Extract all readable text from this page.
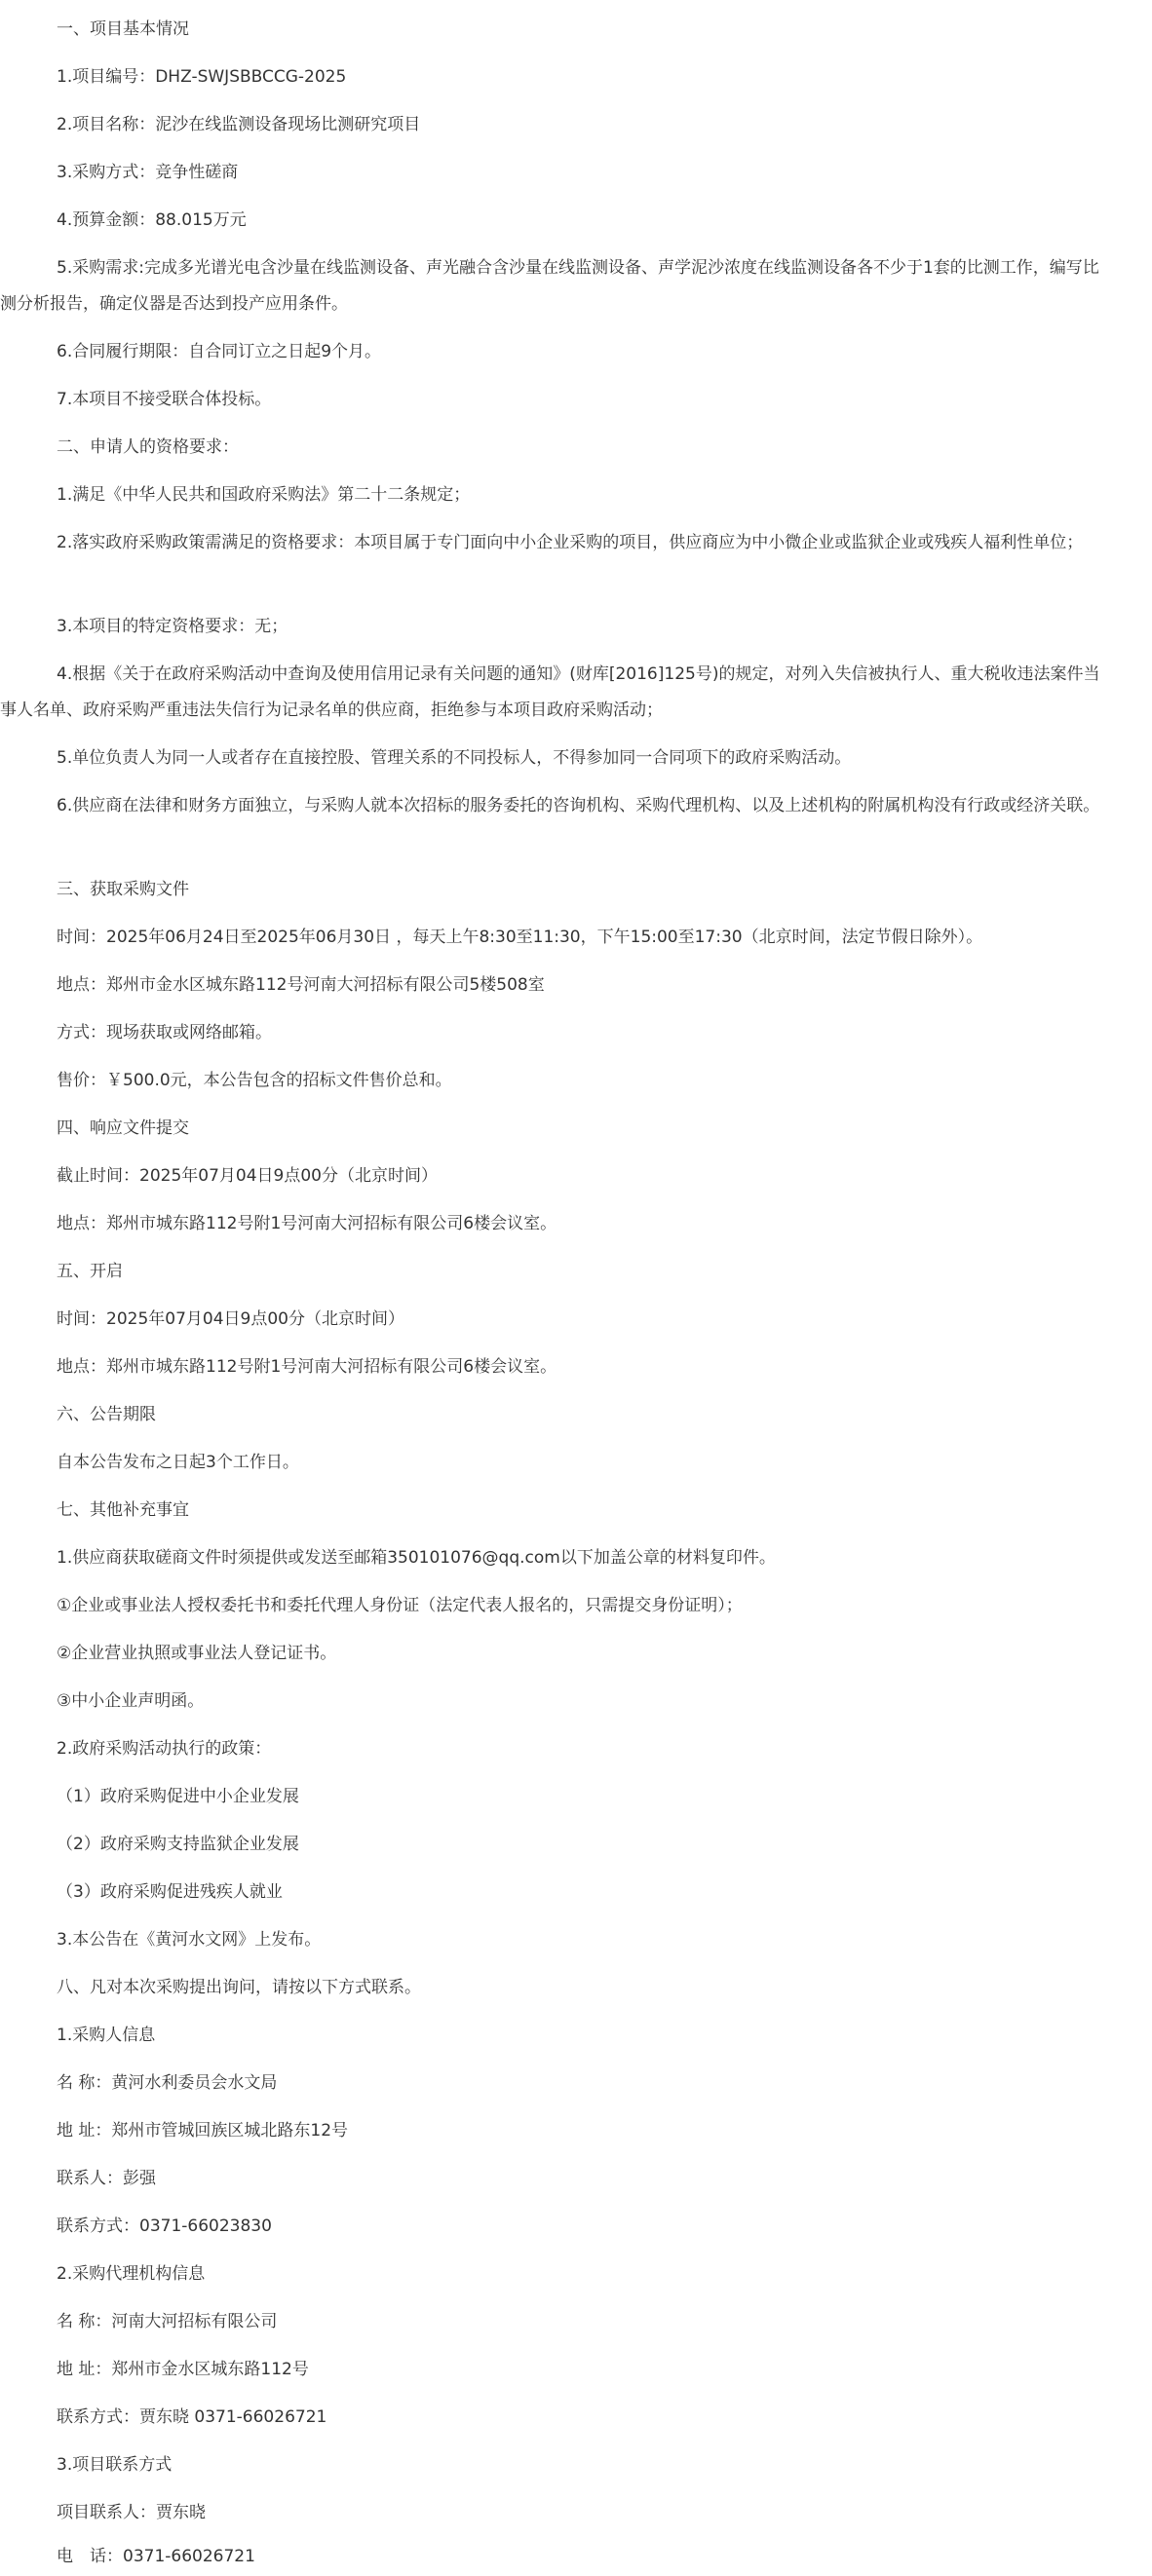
一、项目基本情况

1.项目编号：DHZ-SWJSBBCCG-2025

2.项目名称：泥沙在线监测设备现场比测研究项目

3.采购方式：竞争性磋商

4.预算金额：88.015万元

5.采购需求:完成多光谱光电含沙量在线监测设备、声光融合含沙量在线监测设备、声学泥沙浓度在线监测设备各不少于1套的比测工作，编写比测分析报告，确定仪器是否达到投产应用条件。

6.合同履行期限：自合同订立之日起9个月。

7.本项目不接受联合体投标。

二、申请人的资格要求：

1.满足《中华人民共和国政府采购法》第二十二条规定；

2.落实政府采购政策需满足的资格要求：本项目属于专门面向中小企业采购的项目，供应商应为中小微企业或监狱企业或残疾人福利性单位；

3.本项目的特定资格要求：无；

4.根据《关于在政府采购活动中查询及使用信用记录有关问题的通知》(财库[2016]125号)的规定，对列入失信被执行人、重大税收违法案件当事人名单、政府采购严重违法失信行为记录名单的供应商，拒绝参与本项目政府采购活动；

5.单位负责人为同一人或者存在直接控股、管理关系的不同投标人，不得参加同一合同项下的政府采购活动。

6.供应商在法律和财务方面独立，与采购人就本次招标的服务委托的咨询机构、采购代理机构、以及上述机构的附属机构没有行政或经济关联。

三、获取采购文件

时间：2025年06月24日至2025年06月30日 ，每天上午8:30至11:30，下午15:00至17:30（北京时间，法定节假日除外）。

地点：郑州市金水区城东路112号河南大河招标有限公司5楼508室

方式：现场获取或网络邮箱。

售价：￥500.0元，本公告包含的招标文件售价总和。

四、响应文件提交

截止时间：2025年07月04日9点00分（北京时间）

地点：郑州市城东路112号附1号河南大河招标有限公司6楼会议室。

五、开启

时间：2025年07月04日9点00分（北京时间）

地点：郑州市城东路112号附1号河南大河招标有限公司6楼会议室。

六、公告期限

自本公告发布之日起3个工作日。

七、其他补充事宜

1.供应商获取磋商文件时须提供或发送至邮箱350101076@qq.com以下加盖公章的材料复印件。

①企业或事业法人授权委托书和委托代理人身份证（法定代表人报名的，只需提交身份证明）；

②企业营业执照或事业法人登记证书。

③中小企业声明函。

2.政府采购活动执行的政策：

（1）政府采购促进中小企业发展

（2）政府采购支持监狱企业发展

（3）政府采购促进残疾人就业

3.本公告在《黄河水文网》上发布。

八、凡对本次采购提出询问，请按以下方式联系。

1.采购人信息

名 称：黄河水利委员会水文局

地 址：郑州市管城回族区城北路东12号

联系人：彭强

联系方式：0371-66023830

2.采购代理机构信息

名 称：河南大河招标有限公司

地 址：郑州市金水区城东路112号

联系方式：贾东晓 0371-66026721

3.项目联系方式

项目联系人：贾东晓

电　话：0371-66026721
